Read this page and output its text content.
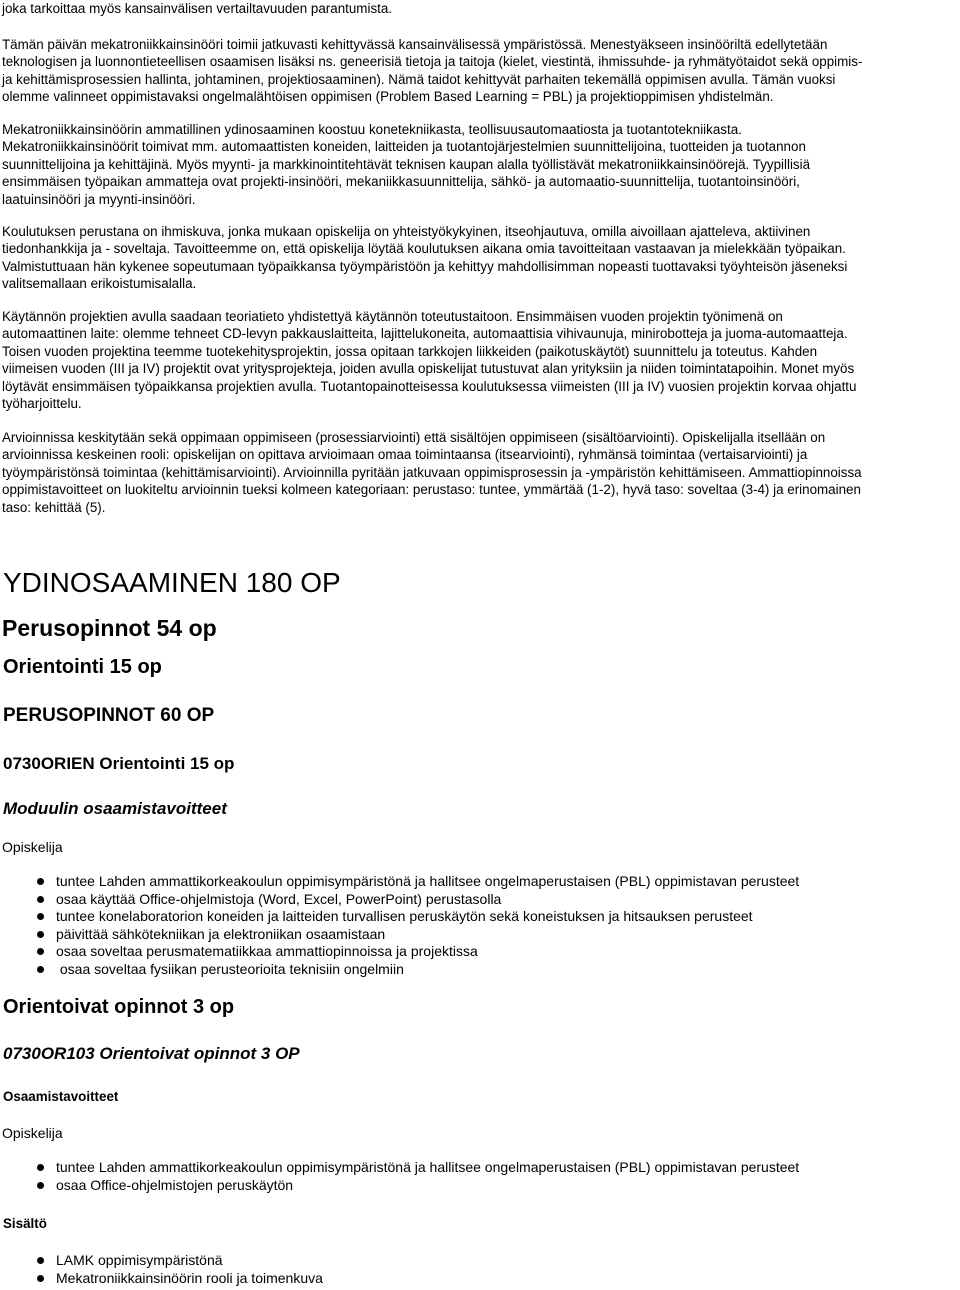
joka tarkoittaa myös kansainvälisen vertailtavuuden parantumista.

Tämän päivän mekatroniikkainsinööri toimii jatkuvasti kehittyvässä kansainvälisessä ympäristössä. Menestyäkseen insinööriltä edellytetään
teknologisen ja luonnontieteellisen osaamisen lisäksi ns. geneerisiä tietoja ja taitoja (kielet, viestintä, ihmissuhde- ja ryhmätyötaidot sekä oppimis-
ja kehittämisprosessien hallinta, johtaminen, projektiosaaminen). Nämä taidot kehittyvät parhaiten tekemällä oppimisen avulla. Tämän vuoksi
olemme valinneet oppimistavaksi ongelmalähtöisen oppimisen (Problem Based Learning = PBL) ja projektioppimisen yhdistelmän.

Mekatroniikkainsinöörin ammatillinen ydinosaaminen koostuu konetekniikasta, teollisuusautomaatiosta ja tuotantotekniikasta.
Mekatroniikkainsinöörit toimivat mm. automaattisten koneiden, laitteiden ja tuotantojärjestelmien suunnittelijoina, tuotteiden ja tuotannon
suunnittelijoina ja kehittäjinä. Myös myynti- ja markkinointitehtävät teknisen kaupan alalla työllistävät mekatroniikkainsinöörejä. Tyypillisiä
ensimmäisen työpaikan ammatteja ovat projekti-insinööri, mekaniikkasuunnittelija, sähkö- ja automaatio-suunnittelija, tuotantoinsinööri,
laatuinsinööri ja myynti-insinööri.

Koulutuksen perustana on ihmiskuva, jonka mukaan opiskelija on yhteistyökykyinen, itseohjautuva, omilla aivoillaan ajatteleva, aktiivinen
tiedonhankkija ja - soveltaja. Tavoitteemme on, että opiskelija löytää koulutuksen aikana omia tavoitteitaan vastaavan ja mielekkään työpaikan.
Valmistuttuaan hän kykenee sopeutumaan työpaikkansa työympäristöön ja kehittyy mahdollisimman nopeasti tuottavaksi työyhteisön jäseneksi
valitsemallaan erikoistumisalalla.

Käytännön projektien avulla saadaan teoriatieto yhdistettyä käytännön toteutustaitoon. Ensimmäisen vuoden projektin työnimenä on
automaattinen laite: olemme tehneet CD-levyn pakkauslaitteita, lajittelukoneita, automaattisia vihivaunuja, minirobotteja ja juoma-automaatteja.
Toisen vuoden projektina teemme tuotekehitysprojektin, jossa opitaan tarkkojen liikkeiden (paikotuskäytöt) suunnittelu ja toteutus. Kahden
viimeisen vuoden (III ja IV) projektit ovat yritysprojekteja, joiden avulla opiskelijat tutustuvat alan yrityksiin ja niiden toimintatapoihin. Monet myös
löytävät ensimmäisen työpaikkansa projektien avulla. Tuotantopainotteisessa koulutuksessa viimeisten (III ja IV) vuosien projektin korvaa ohjattu
työharjoittelu.

Arvioinnissa keskitytään sekä oppimaan oppimiseen (prosessiarviointi) että sisältöjen oppimiseen (sisältöarviointi). Opiskelijalla itsellään on
arvioinnissa keskeinen rooli: opiskelijan on opittava arvioimaan omaa toimintaansa (itsearviointi), ryhmänsä toimintaa (vertaisarviointi) ja
työympäristönsä toimintaa (kehittämisarviointi). Arvioinnilla pyritään jatkuvaan oppimisprosessin ja -ympäristön kehittämiseen. Ammattiopinnoissa
oppimistavoitteet on luokiteltu arvioinnin tueksi kolmeen kategoriaan: perustaso: tuntee, ymmärtää (1-2), hyvä taso: soveltaa (3-4) ja erinomainen
taso: kehittää (5).

YDINOSAAMINEN 180 OP
Perusopinnot 54 op
Orientointi 15 op
PERUSOPINNOT 60 OP
0730ORIEN Orientointi 15 op
Moduulin osaamistavoitteet

Opiskelija

tuntee Lahden ammattikorkeakoulun oppimisympäristönä ja hallitsee ongelmaperustaisen (PBL) oppimistavan perusteet
osaa käyttää Office-ohjelmistoja (Word, Excel, PowerPoint) perustasolla
tuntee konelaboratorion koneiden ja laitteiden turvallisen peruskäytön sekä koneistuksen ja hitsauksen perusteet
päivittää sähkötekniikan ja elektroniikan osaamistaan
osaa soveltaa perusmatematiikkaa ammattiopinnoissa ja projektissa
osaa soveltaa fysiikan perusteorioita teknisiin ongelmiin
Orientoivat opinnot 3 op
0730OR103 Orientoivat opinnot 3 OP

Osaamistavoitteet

Opiskelija

tuntee Lahden ammattikorkeakoulun oppimisympäristönä ja hallitsee ongelmaperustaisen (PBL) oppimistavan perusteet
osaa Office-ohjelmistojen peruskäytön

Sisältö

LAMK oppimisympäristönä
Mekatroniikkainsinöörin rooli ja toimenkuva
